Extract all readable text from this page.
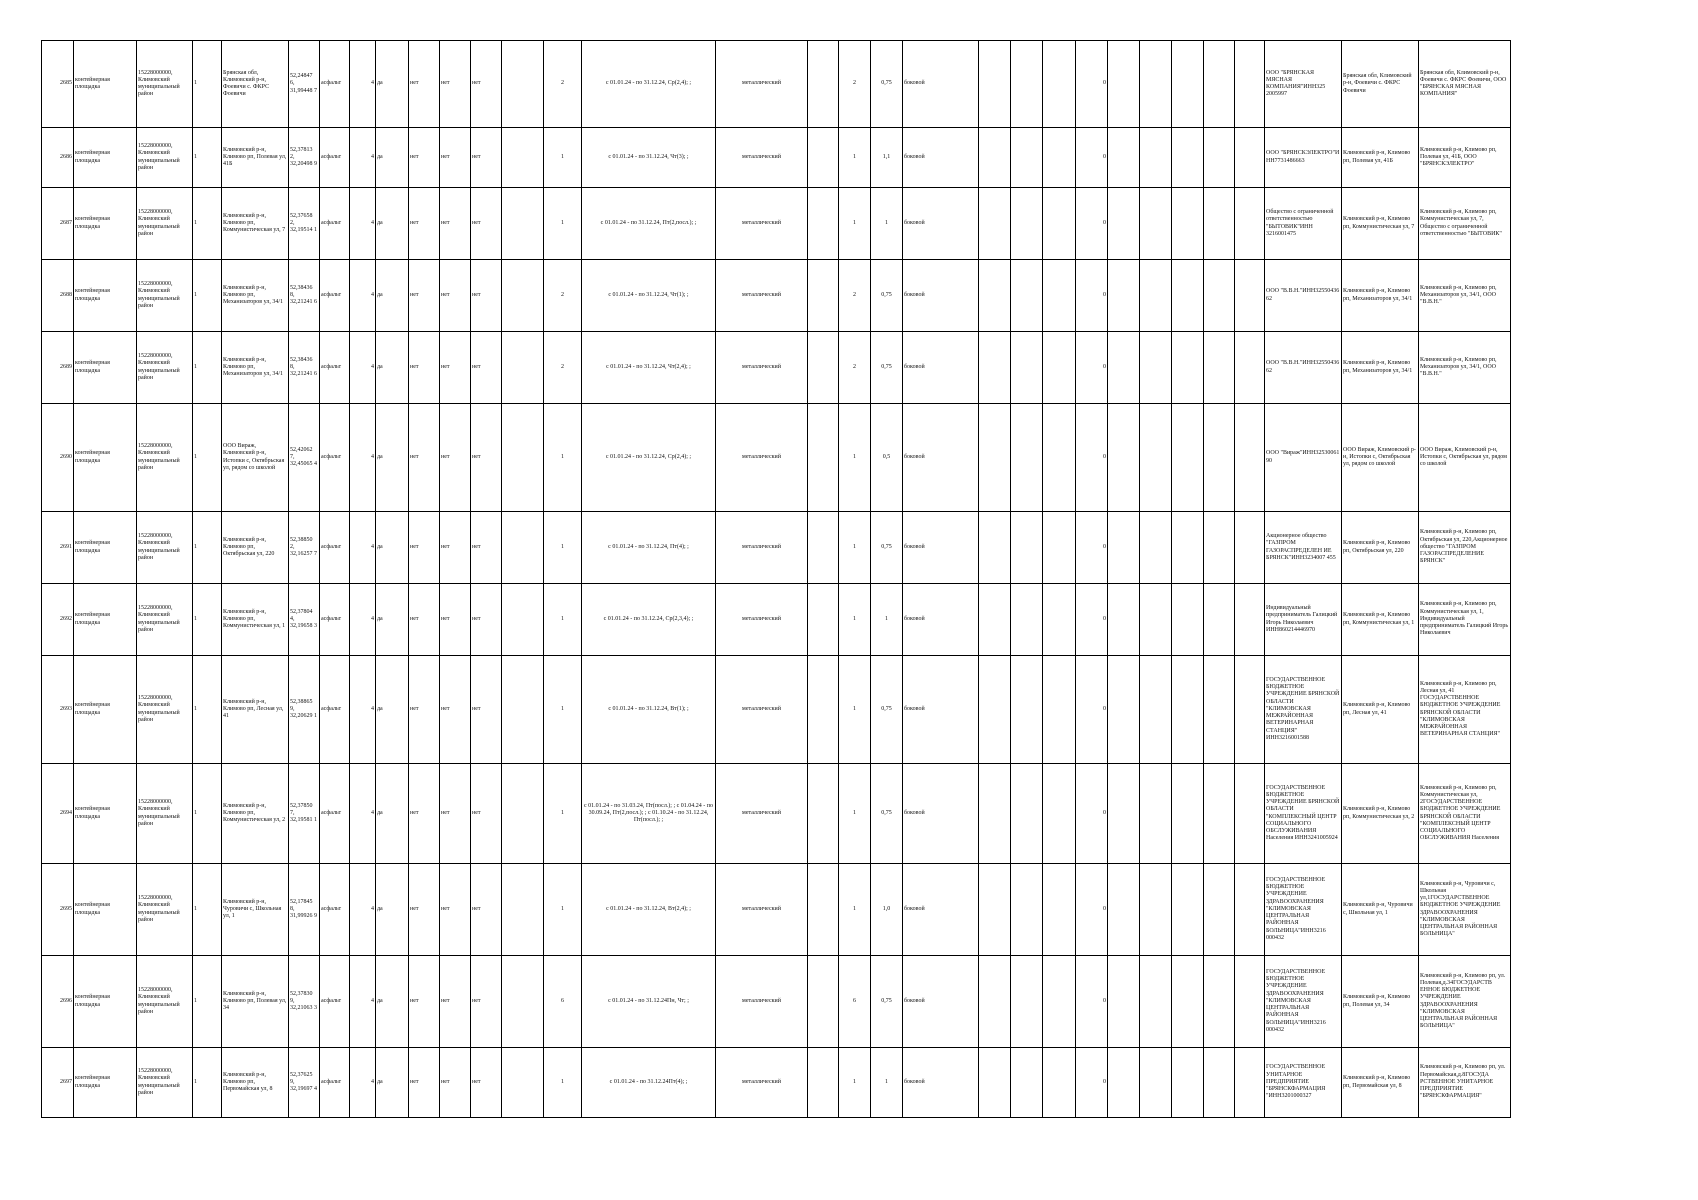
2685	контейнерная площадка	15228000000, Климовский муниципальный район	1	Брянская обл, Климовский р-н, Фоевичи с. ФКРС Фоевичи	52,24847 6, 31,99448 7	асфальт	4	да	нет	нет	нет		2	с 01.01.24 - по 31.12.24, Ср(2,4); ;	металлический		2	0,75	боковой				0						ООО "БРЯНСКАЯ МЯСНАЯ КОМПАНИЯ"ИНН325 2005997	Брянская обл, Климовский р-н, Фоевичи с. ФКРС Фоевичи	Брянская обл, Климовский р-н, Фоевичи с. ФКРС Фоевичи, ООО "БРЯНСКАЯ МЯСНАЯ КОМПАНИЯ"
2686	контейнерная площадка	15228000000, Климовский муниципальный район	1	Климовский р-н, Климово рп, Полевая ул, 41Б	52,37813 2, 32,20498 9	асфальт	4	да	нет	нет	нет		1	с 01.01.24 - по 31.12.24, Чт(3); ;	металлический		1	1,1	боковой				0						ООО "БРЯНСКЭЛЕКТРО"И НН7731486663	Климовский р-н, Климово рп, Полевая ул, 41Б	Климовский р-н, Климово рп, Полевая ул, 41Б, ООО "БРЯНСКЭЛЕКТРО"
2687	контейнерная площадка	15228000000, Климовский муниципальный район	1	Климовский р-н, Климово рп, Коммунистическая ул, 7	52,37658 2, 32,19514 1	асфальт	4	да	нет	нет	нет		1	с 01.01.24 - по 31.12.24, Пт(2,посл.); ;	металлический		1	1	боковой				0						Общество с ограниченной ответственностью "БЫТОВИК"ИНН 3216001475	Климовский р-н, Климово рп, Коммунистическая ул, 7	Климовский р-н, Климово рп, Коммунистическая ул, 7, Общество с ограниченной ответственностью "БЫТОВИК"
2688	контейнерная площадка	15228000000, Климовский муниципальный район	1	Климовский р-н, Климово рп, Механизаторов ул, 34/1	52,38436 8, 32,21241 6	асфальт	4	да	нет	нет	нет		2	с 01.01.24 - по 31.12.24, Чт(1); ;	металлический		2	0,75	боковой				0						ООО "В.В.Н."ИНН32550436 62	Климовский р-н, Климово рп, Механизаторов ул, 34/1	Климовский р-н, Климово рп, Механизаторов ул, 34/1, ООО "В.В.Н."
2689	контейнерная площадка	15228000000, Климовский муниципальный район	1	Климовский р-н, Климово рп, Механизаторов ул, 34/1	52,38436 8, 32,21241 6	асфальт	4	да	нет	нет	нет		2	с 01.01.24 - по 31.12.24, Чт(2,4); ;	металлический		2	0,75	боковой				0						ООО "В.В.Н."ИНН32550436 62	Климовский р-н, Климово рп, Механизаторов ул, 34/1	Климовский р-н, Климово рп, Механизаторов ул, 34/1, ООО "В.В.Н."
2690	контейнерная площадка	15228000000, Климовский муниципальный район	1	ООО Вираж, Климовский р-н, Истопки с, Октябрьская ул, рядом со школой	52,42062 7, 32,45065 4	асфальт	4	да	нет	нет	нет		1	с 01.01.24 - по 31.12.24, Ср(2,4); ;	металлический		1	0,5	боковой				0						ООО "Вираж"ИНН32530061 90	ООО Вираж, Климовский р-н, Истопки с, Октябрьская ул, рядом со школой	ООО Вираж, Климовский р-н, Истопки с, Октябрьская ул, рядом со школой
2691	контейнерная площадка	15228000000, Климовский муниципальный район	1	Климовский р-н, Климово рп, Октябрьская ул, 220	52,38850 2, 32,16257 7	асфальт	4	да	нет	нет	нет		1	с 01.01.24 - по 31.12.24, Пт(4); ;	металлический		1	0,75	боковой				0						Акционерное общество "ГАЗПРОМ ГАЗОРАСПРЕДЕЛЕН ИЕ БРЯНСК"ИНН3234007 455	Климовский р-н, Климово рп, Октябрьская ул, 220	Климовский р-н, Климово рп, Октябрьская ул, 220,Акционерное общество "ГАЗПРОМ ГАЗОРАСПРЕДЕЛЕНИЕ БРЯНСК"
2692	контейнерная площадка	15228000000, Климовский муниципальный район	1	Климовский р-н, Климово рп, Коммунистическая ул, 1	52,37804 4, 32,19658 3	асфальт	4	да	нет	нет	нет		1	с 01.01.24 - по 31.12.24, Ср(2,3,4); ;	металлический		1	1	боковой				0						Индивидуальный предприниматель Галицкий Игорь Николаевич ИНН860214446970	Климовский р-н, Климово рп, Коммунистическая ул, 1	Климовский р-н, Климово рп, Коммунистическая ул, 1, Индивидуальный предприниматель Галицкий Игорь Николаевич
2693	контейнерная площадка	15228000000, Климовский муниципальный район	1	Климовский р-н, Климово рп, Лесная ул, 41	52,38865 9, 32,20629 1	асфальт	4	да	нет	нет	нет		1	с 01.01.24 - по 31.12.24, Вт(1); ;	металлический		1	0,75	боковой				0						ГОСУДАРСТВЕННОЕ БЮДЖЕТНОЕ УЧРЕЖДЕНИЕ БРЯНСКОЙ ОБЛАСТИ "КЛИМОВСКАЯ МЕЖРАЙОННАЯ ВЕТЕРИНАРНАЯ СТАНЦИЯ" ИНН3216001588	Климовский р-н, Климово рп, Лесная ул, 41	Климовский р-н, Климово рп, Лесная ул, 41 ГОСУДАРСТВЕННОЕ БЮДЖЕТНОЕ УЧРЕЖДЕНИЕ БРЯНСКОЙ ОБЛАСТИ "КЛИМОВСКАЯ МЕЖРАЙОННАЯ ВЕТЕРИНАРНАЯ СТАНЦИЯ"
2694	контейнерная площадка	15228000000, Климовский муниципальный район	1	Климовский р-н, Климово рп, Коммунистическая ул, 2	52,37850 7, 32,19581 1	асфальт	4	да	нет	нет	нет		1	с 01.01.24 - по 31.03.24, Пт(посл.); ; с 01.04.24 - по 30.09.24, Пт(2,посл.); ; с 01.10.24 - по 31.12.24, Пт(посл.); ;	металлический		1	0,75	боковой				0						ГОСУДАРСТВЕННОЕ БЮДЖЕТНОЕ УЧРЕЖДЕНИЕ БРЯНСКОЙ ОБЛАСТИ "КОМПЛЕКСНЫЙ ЦЕНТР СОЦИАЛЬНОГО ОБСЛУЖИВАНИЯ Населения ИНН3241005924	Климовский р-н, Климово рп, Коммунистическая ул, 2	Климовский р-н, Климово рп, Коммунистическая ул, 2ГОСУДАРСТВЕННОЕ БЮДЖЕТНОЕ УЧРЕЖДЕНИЕ БРЯНСКОЙ ОБЛАСТИ "КОМПЛЕКСНЫЙ ЦЕНТР СОЦИАЛЬНОГО ОБСЛУЖИВАНИЯ Населения
2695	контейнерная площадка	15228000000, Климовский муниципальный район	1	Климовский р-н, Чуровичи с, Школьная ул, 1	52,17845 8, 31,99926 9	асфальт	4	да	нет	нет	нет		1	с 01.01.24 - по 31.12.24, Вт(2,4); ;	металлический		1	1,0	боковой				0						ГОСУДАРСТВЕННОЕ БЮДЖЕТНОЕ УЧРЕЖДЕНИЕ ЗДРАВООХРАНЕНИЯ "КЛИМОВСКАЯ ЦЕНТРАЛЬНАЯ РАЙОННАЯ БОЛЬНИЦА"ИНН3216 000432	Климовский р-н, Чуровичи с, Школьная ул, 1	Климовский р-н, Чуровичи с, Школьная ул,1ГОСУДАРСТВЕННОЕ БЮДЖЕТНОЕ УЧРЕЖДЕНИЕ ЗДРАВООХРАНЕНИЯ "КЛИМОВСКАЯ ЦЕНТРАЛЬНАЯ РАЙОННАЯ БОЛЬНИЦА"
2696	контейнерная площадка	15228000000, Климовский муниципальный район	1	Климовский р-н, Климово рп, Полевая ул, 34	52,37830 9, 32,21063 3	асфальт	4	да	нет	нет	нет		6	с 01.01.24 - по 31.12.24Пн, Чт; ;	металлический		6	0,75	боковой				0						ГОСУДАРСТВЕННОЕ БЮДЖЕТНОЕ УЧРЕЖДЕНИЕ ЗДРАВООХРАНЕНИЯ "КЛИМОВСКАЯ ЦЕНТРАЛЬНАЯ РАЙОННАЯ БОЛЬНИЦА"ИНН3216 000432	Климовский р-н, Климово рп, Полевая ул, 34	Климовский р-н, Климово рп, ул. Полевая,д.34ГОСУДАРСТВ ЕННОЕ БЮДЖЕТНОЕ УЧРЕЖДЕНИЕ ЗДРАВООХРАНЕНИЯ "КЛИМОВСКАЯ ЦЕНТРАЛЬНАЯ РАЙОННАЯ БОЛЬНИЦА"
2697	контейнерная площадка	15228000000, Климовский муниципальный район	1	Климовский р-н, Климово рп, Первомайская ул, 8	52,37625 9, 32,19697 4	асфальт	4	да	нет	нет	нет		1	с 01.01.24 - по 31.12.24Пт(4); ;	металлический		1	1	боковой				0						ГОСУДАРСТВЕННОЕ УНИТАРНОЕ ПРЕДПРИЯТИЕ "БРЯНСКФАРМАЦИЯ "ИНН3201000327	Климовский р-н, Климово рп, Первомайская ул, 8	Климовский р-н, Климово рп, ул. Первомайская,д.8ГОСУДА РСТВЕННОЕ УНИТАРНОЕ ПРЕДПРИЯТИЕ "БРЯНСКФАРМАЦИЯ"
